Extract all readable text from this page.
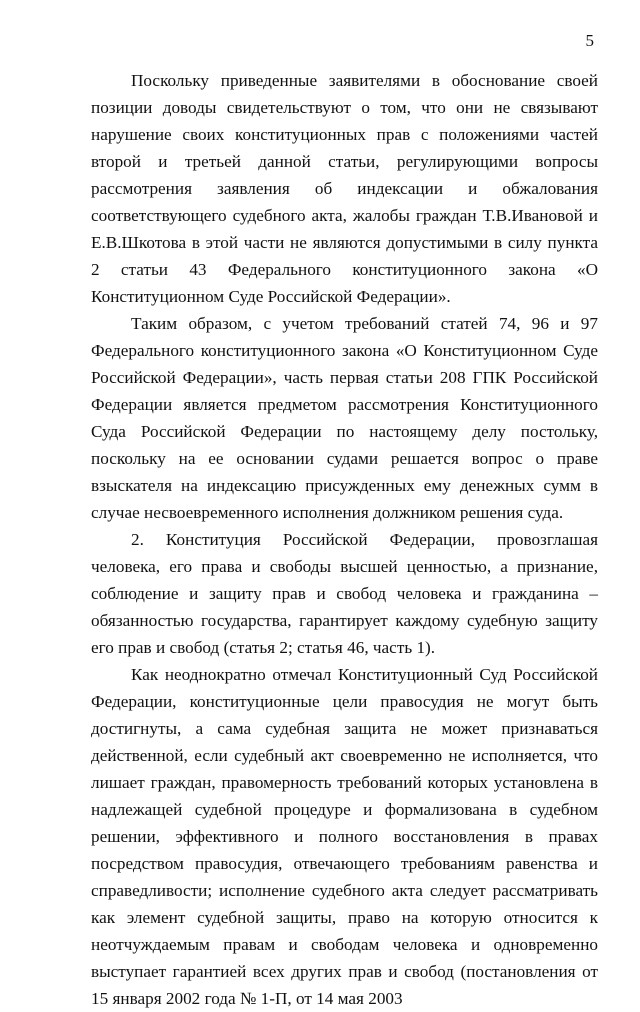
5

Поскольку приведенные заявителями в обоснование своей позиции доводы свидетельствуют о том, что они не связывают нарушение своих конституционных прав с положениями частей второй и третьей данной статьи, регулирующими вопросы рассмотрения заявления об индексации и обжалования соответствующего судебного акта, жалобы граждан Т.В.Ивановой и Е.В.Шкотова в этой части не являются допустимыми в силу пункта 2 статьи 43 Федерального конституционного закона «О Конституционном Суде Российской Федерации».

Таким образом, с учетом требований статей 74, 96 и 97 Федерального конституционного закона «О Конституционном Суде Российской Федерации», часть первая статьи 208 ГПК Российской Федерации является предметом рассмотрения Конституционного Суда Российской Федерации по настоящему делу постольку, поскольку на ее основании судами решается вопрос о праве взыскателя на индексацию присужденных ему денежных сумм в случае несвоевременного исполнения должником решения суда.

2. Конституция Российской Федерации, провозглашая человека, его права и свободы высшей ценностью, а признание, соблюдение и защиту прав и свобод человека и гражданина – обязанностью государства, гарантирует каждому судебную защиту его прав и свобод (статья 2; статья 46, часть 1).

Как неоднократно отмечал Конституционный Суд Российской Федерации, конституционные цели правосудия не могут быть достигнуты, а сама судебная защита не может признаваться действенной, если судебный акт своевременно не исполняется, что лишает граждан, правомерность требований которых установлена в надлежащей судебной процедуре и формализована в судебном решении, эффективного и полного восстановления в правах посредством правосудия, отвечающего требованиям равенства и справедливости; исполнение судебного акта следует рассматривать как элемент судебной защиты, право на которую относится к неотчуждаемым правам и свободам человека и одновременно выступает гарантией всех других прав и свобод (постановления от 15 января 2002 года № 1-П, от 14 мая 2003
